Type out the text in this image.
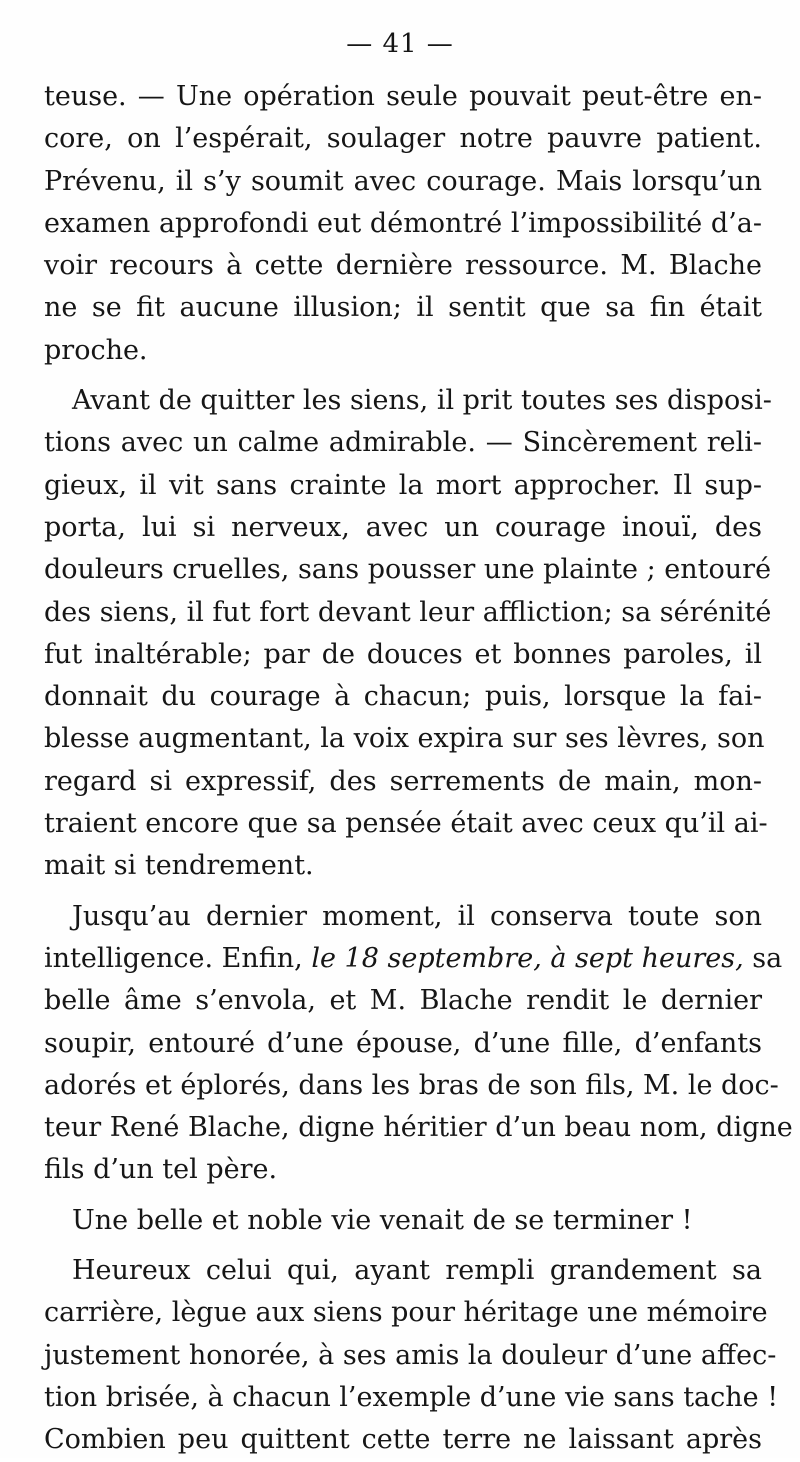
— 41 —
teuse. — Une opération seule pouvait peut-être en-
core, on l’espérait, soulager notre pauvre patient.
Prévenu, il s’y soumit avec courage. Mais lorsqu’un
examen approfondi eut démontré l’impossibilité d’a-
voir recours à cette dernière ressource. M. Blache
ne se fit aucune illusion; il sentit que sa fin était
proche.
Avant de quitter les siens, il prit toutes ses disposi-
tions avec un calme admirable. — Sincèrement reli-
gieux, il vit sans crainte la mort approcher. Il sup-
porta, lui si nerveux, avec un courage inouï, des
douleurs cruelles, sans pousser une plainte ; entouré
des siens, il fut fort devant leur affliction; sa sérénité
fut inaltérable; par de douces et bonnes paroles, il
donnait du courage à chacun; puis, lorsque la fai-
blesse augmentant, la voix expira sur ses lèvres, son
regard si expressif, des serrements de main, mon-
traient encore que sa pensée était avec ceux qu’il ai-
mait si tendrement.
Jusqu’au dernier moment, il conserva toute son
intelligence. Enfin, le 18 septembre, à sept heures, sa
belle âme s’envola, et M. Blache rendit le dernier
soupir, entouré d’une épouse, d’une fille, d’enfants
adorés et éplorés, dans les bras de son fils, M. le doc-
teur René Blache, digne héritier d’un beau nom, digne
fils d’un tel père.
Une belle et noble vie venait de se terminer !
Heureux celui qui, ayant rempli grandement sa
carrière, lègue aux siens pour héritage une mémoire
justement honorée, à ses amis la douleur d’une affec-
tion brisée, à chacun l’exemple d’une vie sans tache !
Combien peu quittent cette terre ne laissant après
